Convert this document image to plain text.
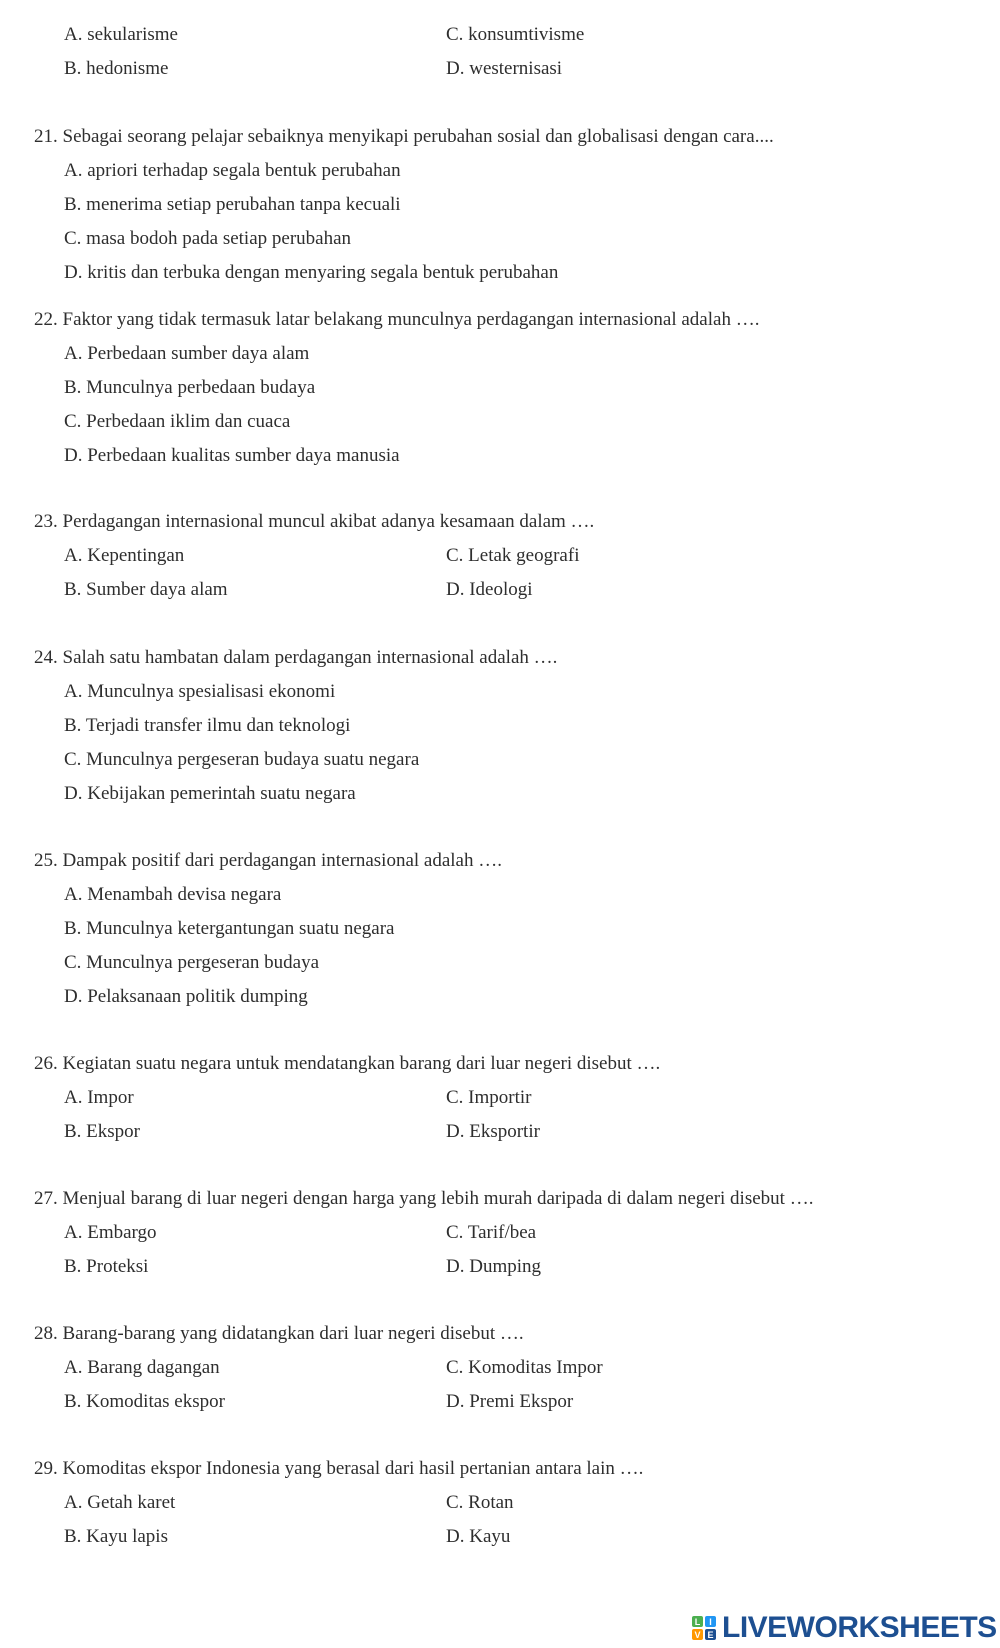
A. sekularisme	C. konsumtivisme
B. hedonisme	D. westernisasi
21. Sebagai seorang pelajar sebaiknya menyikapi perubahan sosial dan globalisasi dengan cara....
A. apriori terhadap segala bentuk perubahan
B. menerima setiap perubahan tanpa kecuali
C. masa bodoh pada setiap perubahan
D. kritis dan terbuka dengan menyaring segala bentuk perubahan
22. Faktor yang tidak termasuk latar belakang munculnya perdagangan internasional adalah ….
A. Perbedaan sumber daya alam
B. Munculnya perbedaan budaya
C. Perbedaan iklim dan cuaca
D. Perbedaan kualitas sumber daya manusia
23. Perdagangan internasional muncul akibat adanya kesamaan dalam ….
A. Kepentingan	C. Letak geografi
B. Sumber daya alam	D. Ideologi
24. Salah satu hambatan dalam perdagangan internasional adalah ….
A. Munculnya spesialisasi ekonomi
B. Terjadi transfer ilmu dan teknologi
C. Munculnya pergeseran budaya suatu negara
D. Kebijakan pemerintah suatu negara
25. Dampak positif dari perdagangan internasional adalah ….
A. Menambah devisa negara
B. Munculnya ketergantungan suatu negara
C. Munculnya pergeseran budaya
D. Pelaksanaan politik dumping
26. Kegiatan suatu negara untuk mendatangkan barang dari luar negeri disebut ….
A. Impor	C. Importir
B. Ekspor	D. Eksportir
27. Menjual barang di luar negeri dengan harga yang lebih murah daripada di dalam negeri disebut ….
A. Embargo	C. Tarif/bea
B. Proteksi	D. Dumping
28. Barang-barang yang didatangkan dari luar negeri disebut ….
A. Barang dagangan	C. Komoditas Impor
B. Komoditas ekspor	D. Premi Ekspor
29. Komoditas ekspor Indonesia yang berasal dari hasil pertanian antara lain ….
A. Getah karet	C. Rotan
B. Kayu lapis	D. Kayu
L I
V E LIVEWORKSHEETS
